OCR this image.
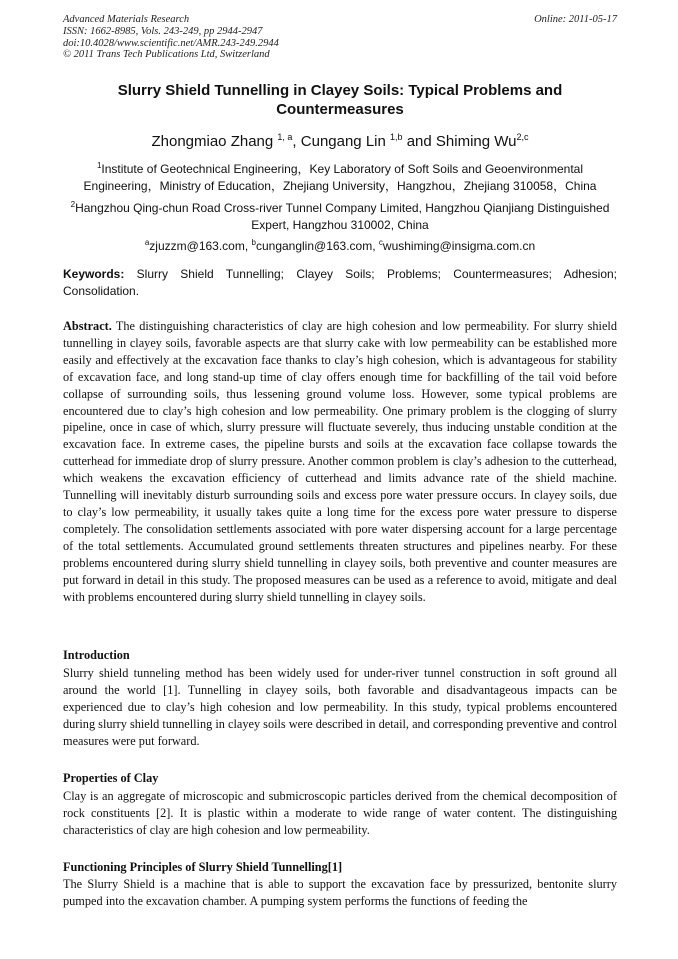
Advanced Materials Research
ISSN: 1662-8985, Vols. 243-249, pp 2944-2947
doi:10.4028/www.scientific.net/AMR.243-249.2944
© 2011 Trans Tech Publications Ltd, Switzerland
Online: 2011-05-17
Slurry Shield Tunnelling in Clayey Soils: Typical Problems and Countermeasures
Zhongmiao Zhang $^{1, a}$, Cungang Lin $^{1,b}$ and Shiming Wu$^{2,c}$
$^1$Institute of Geotechnical Engineering，Key Laboratory of Soft Soils and Geoenvironmental Engineering，Ministry of Education，Zhejiang University，Hangzhou，Zhejiang 310058，China
$^2$Hangzhou Qing-chun Road Cross-river Tunnel Company Limited, Hangzhou Qianjiang Distinguished Expert, Hangzhou 310002, China
$^a$zjuzzm@163.com, $^b$cunganglin@163.com, $^c$wushiming@insigma.com.cn
Keywords: Slurry Shield Tunnelling; Clayey Soils; Problems; Countermeasures; Adhesion; Consolidation.
Abstract. The distinguishing characteristics of clay are high cohesion and low permeability. For slurry shield tunnelling in clayey soils, favorable aspects are that slurry cake with low permeability can be established more easily and effectively at the excavation face thanks to clay’s high cohesion, which is advantageous for stability of excavation face, and long stand-up time of clay offers enough time for backfilling of the tail void before collapse of surrounding soils, thus lessening ground volume loss. However, some typical problems are encountered due to clay’s high cohesion and low permeability. One primary problem is the clogging of slurry pipeline, once in case of which, slurry pressure will fluctuate severely, thus inducing unstable condition at the excavation face. In extreme cases, the pipeline bursts and soils at the excavation face collapse towards the cutterhead for immediate drop of slurry pressure. Another common problem is clay’s adhesion to the cutterhead, which weakens the excavation efficiency of cutterhead and limits advance rate of the shield machine. Tunnelling will inevitably disturb surrounding soils and excess pore water pressure occurs. In clayey soils, due to clay’s low permeability, it usually takes quite a long time for the excess pore water pressure to disperse completely. The consolidation settlements associated with pore water dispersing account for a large percentage of the total settlements. Accumulated ground settlements threaten structures and pipelines nearby. For these problems encountered during slurry shield tunnelling in clayey soils, both preventive and counter measures are put forward in detail in this study. The proposed measures can be used as a reference to avoid, mitigate and deal with problems encountered during slurry shield tunnelling in clayey soils.
Introduction
Slurry shield tunneling method has been widely used for under-river tunnel construction in soft ground all around the world [1]. Tunnelling in clayey soils, both favorable and disadvantageous impacts can be experienced due to clay’s high cohesion and low permeability. In this study, typical problems encountered during slurry shield tunnelling in clayey soils were described in detail, and corresponding preventive and control measures were put forward.
Properties of Clay
Clay is an aggregate of microscopic and submicroscopic particles derived from the chemical decomposition of rock constituents [2]. It is plastic within a moderate to wide range of water content. The distinguishing characteristics of clay are high cohesion and low permeability.
Functioning Principles of Slurry Shield Tunnelling[1]
The Slurry Shield is a machine that is able to support the excavation face by pressurized, bentonite slurry pumped into the excavation chamber. A pumping system performs the functions of feeding the
